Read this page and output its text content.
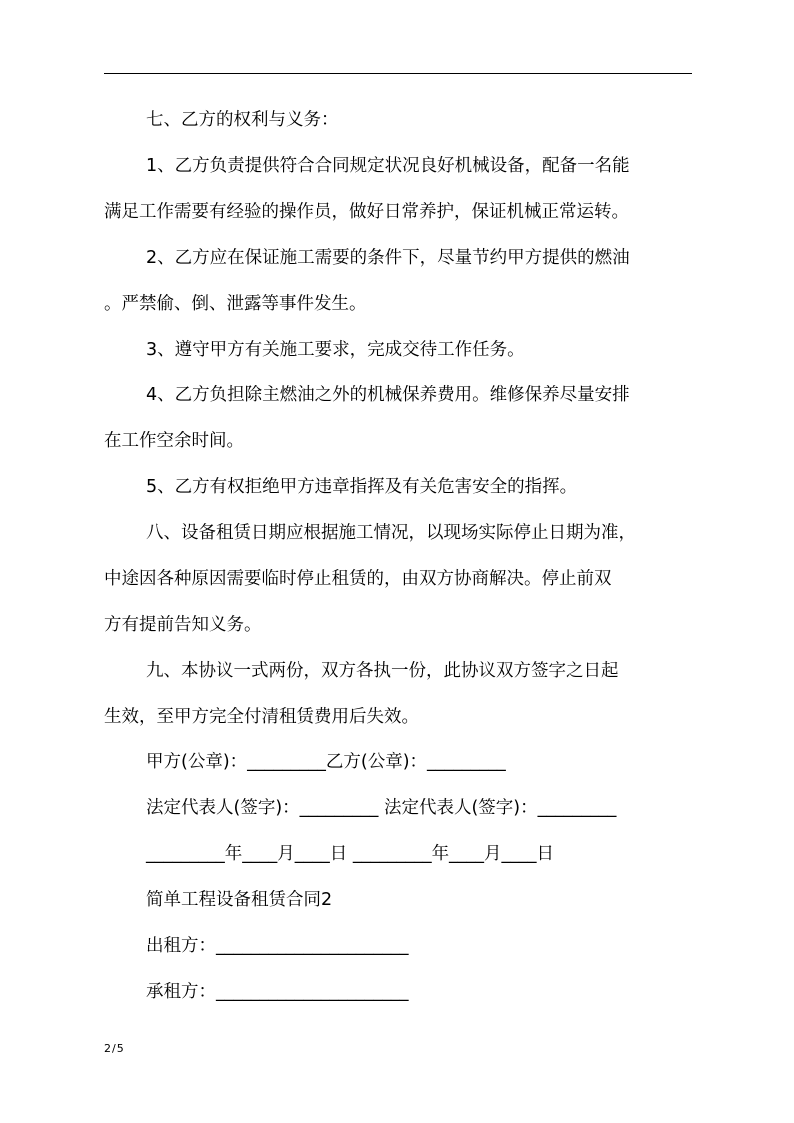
七、乙方的权利与义务：

1、乙方负责提供符合合同规定状况良好机械设备，配备一名能

满足工作需要有经验的操作员，做好日常养护，保证机械正常运转。

2、乙方应在保证施工需要的条件下，尽量节约甲方提供的燃油

。严禁偷、倒、泄露等事件发生。

3、遵守甲方有关施工要求，完成交待工作任务。

4、乙方负担除主燃油之外的机械保养费用。维修保养尽量安排

在工作空余时间。

5、乙方有权拒绝甲方违章指挥及有关危害安全的指挥。

八、设备租赁日期应根据施工情况，以现场实际停止日期为准，

中途因各种原因需要临时停止租赁的，由双方协商解决。停止前双

方有提前告知义务。

九、本协议一式两份，双方各执一份，此协议双方签字之日起

生效，至甲方完全付清租赁费用后失效。

甲方(公章)：_________乙方(公章)：_________

法定代表人(签字)：_________ 法定代表人(签字)：_________

_________年____月____日 _________年____月____日

简单工程设备租赁合同2

出租方：______________________

承租方：______________________

2/5
